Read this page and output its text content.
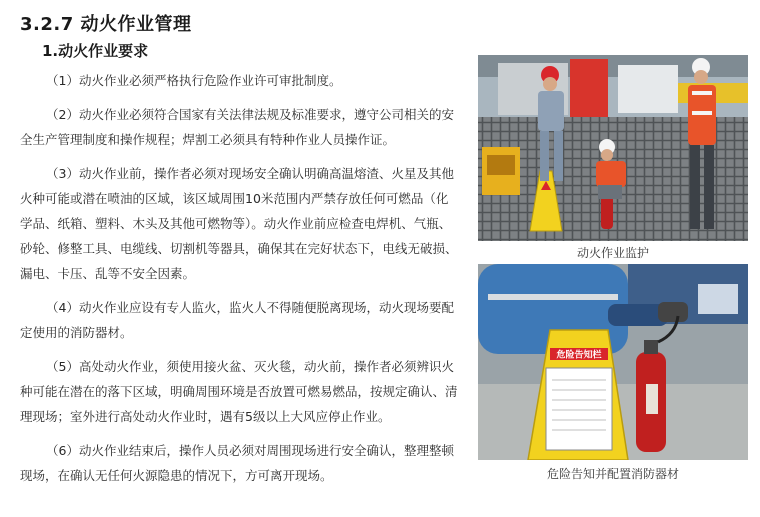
3.2.7 动火作业管理
1.动火作业要求

（1）动火作业必须严格执行危险作业许可审批制度。

（2）动火作业必须符合国家有关法律法规及标准要求，遵守公司相关的安全生产管理制度和操作规程；焊割工必须具有特种作业人员操作证。

（3）动火作业前，操作者必须对现场安全确认明确高温熔渣、火星及其他火种可能或潜在喷油的区域，该区域周围10米范围内严禁存放任何可燃品（化学品、纸箱、塑料、木头及其他可燃物等）。动火作业前应检查电焊机、气瓶、砂轮、修整工具、电缆线、切割机等器具，确保其在完好状态下，电线无破损、漏电、卡压、乱等不安全因素。

（4）动火作业应设有专人监火，监火人不得随便脱离现场，动火现场要配定使用的消防器材。

（5）高处动火作业，须使用接火盆、灭火毯，动火前，操作者必须辨识火种可能在潜在的落下区域，明确周围环境是否放置可燃易燃品，按规定确认、清理现场；室外进行高处动火作业时，遇有5级以上大风应停止作业。

（6）动火作业结束后，操作人员必须对周围现场进行安全确认，整理整顿现场，在确认无任何火源隐患的情况下，方可离开现场。

动火作业监护
危险告知栏
危险告知并配置消防器材
